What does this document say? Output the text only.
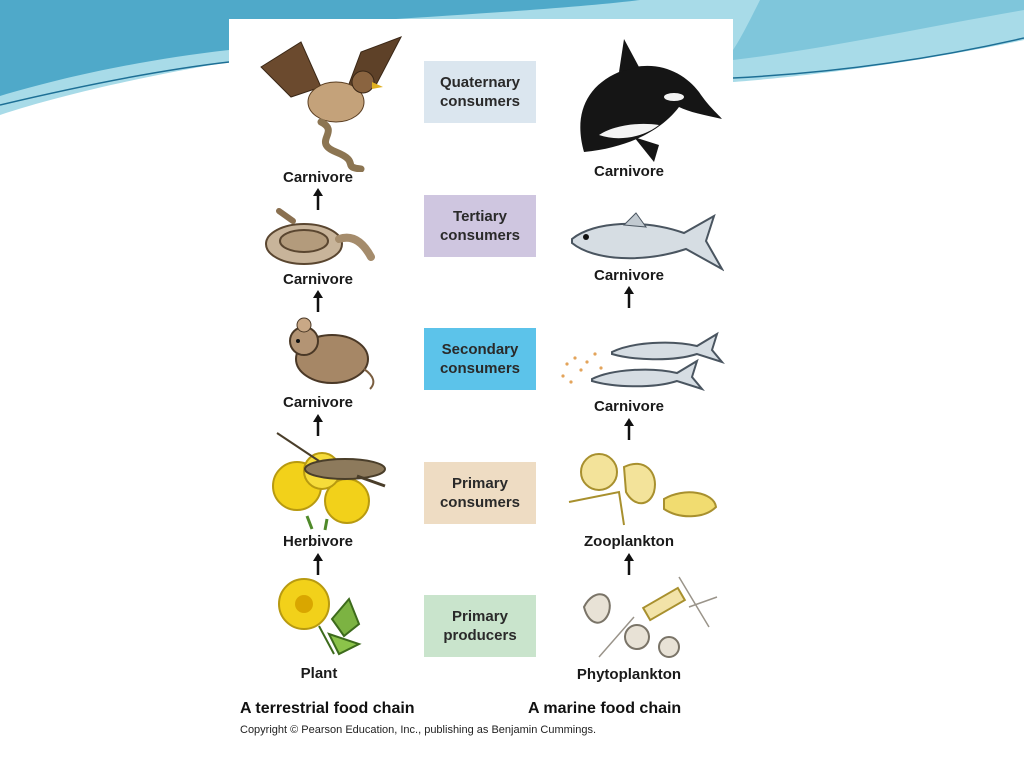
Carnivore
Carnivore
Carnivore
Herbivore
Plant
Quaternary
consumers
Tertiary
consumers
Secondary
consumers
Primary
consumers
Primary
producers
Carnivore
Carnivore
Carnivore
Zooplankton
Phytoplankton
A terrestrial food chain	A marine food chain
Copyright © Pearson Education, Inc., publishing as Benjamin Cummings.
